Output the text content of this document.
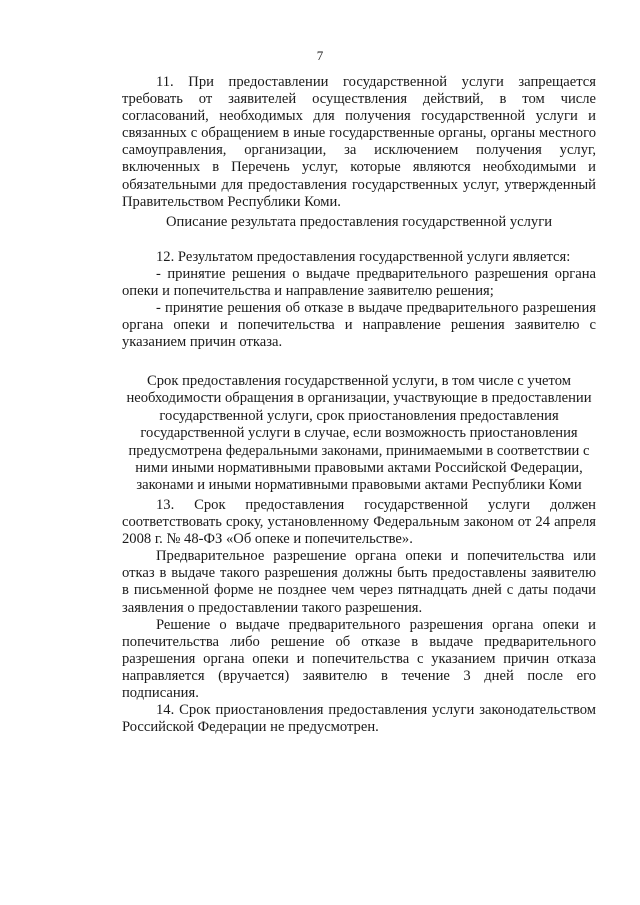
7

11. При предоставлении государственной услуги запрещается требовать от заявителей осуществления действий, в том числе согласований, необходимых для получения государственной услуги и связанных с обращением в иные государственные органы, органы местного самоуправления, организации, за исключением получения услуг, включенных в Перечень услуг, которые являются необходимыми и обязательными для предоставления государственных услуг, утвержденный Правительством Республики Коми.

Описание результата предоставления государственной услуги

12. Результатом предоставления государственной услуги является:

- принятие решения о выдаче предварительного разрешения органа опеки и попечительства и направление заявителю решения;

- принятие решения об отказе в выдаче предварительного разрешения органа опеки и попечительства и направление решения заявителю с указанием причин отказа.

Срок предоставления государственной услуги, в том числе с учетом необходимости обращения в организации, участвующие в предоставлении государственной услуги, срок приостановления предоставления государственной услуги в случае, если возможность приостановления предусмотрена федеральными законами, принимаемыми в соответствии с ними иными нормативными правовыми актами Российской Федерации, законами и иными нормативными правовыми актами Республики Коми

13. Срок предоставления государственной услуги должен соответствовать сроку, установленному Федеральным законом от 24 апреля 2008 г. № 48-ФЗ «Об опеке и попечительстве».

Предварительное разрешение органа опеки и попечительства или отказ в выдаче такого разрешения должны быть предоставлены заявителю в письменной форме не позднее чем через пятнадцать дней с даты подачи заявления о предоставлении такого разрешения.

Решение о выдаче предварительного разрешения органа опеки и попечительства либо решение об отказе в выдаче предварительного разрешения органа опеки и попечительства с указанием причин отказа направляется (вручается) заявителю в течение 3 дней после его подписания.

14. Срок приостановления предоставления услуги законодательством Российской Федерации не предусмотрен.
